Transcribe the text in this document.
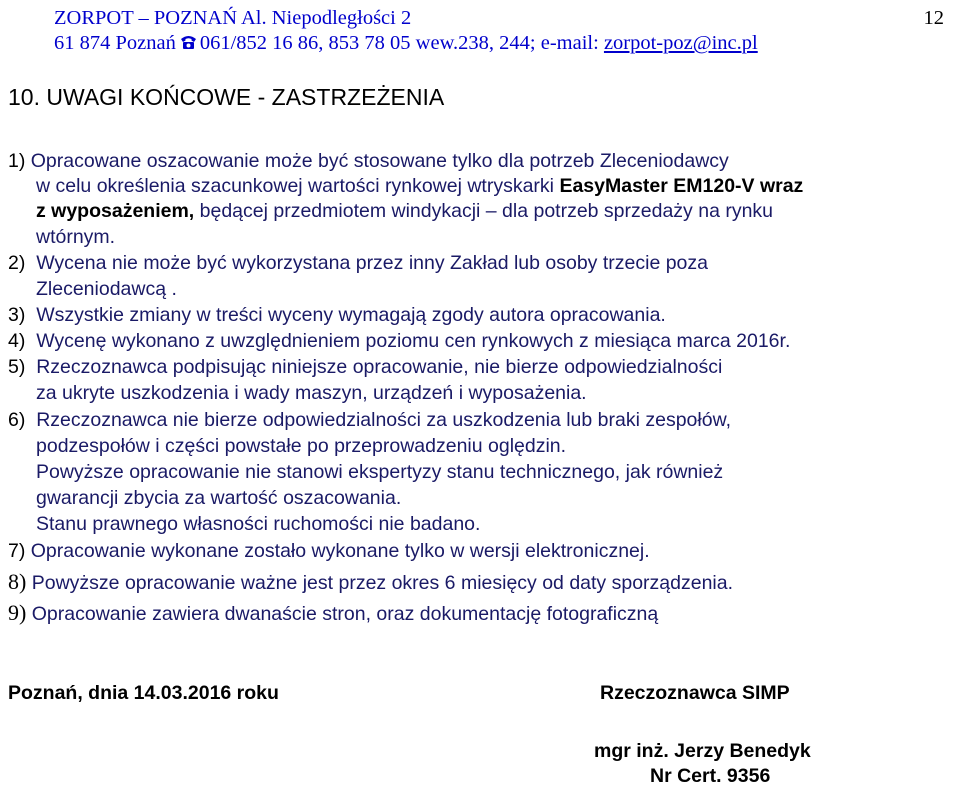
ZORPOT – POZNAŃ Al. Niepodległości 2
61 874 Poznań 061/852 16 86, 853 78 05 wew.238, 244; e-mail: zorpot-poz@inc.pl
12
10. UWAGI KOŃCOWE - ZASTRZEŻENIA
1) Opracowane oszacowanie może być stosowane tylko dla potrzeb Zleceniodawcy
w celu określenia szacunkowej wartości rynkowej wtryskarki EasyMaster EM120-V wraz
z wyposażeniem, będącej przedmiotem windykacji – dla potrzeb sprzedaży na rynku
wtórnym.
2) Wycena nie może być wykorzystana przez inny Zakład lub osoby trzecie poza
Zleceniodawcą .
3) Wszystkie zmiany w treści wyceny wymagają zgody autora opracowania.
4) Wycenę wykonano z uwzględnieniem poziomu cen rynkowych z miesiąca marca 2016r.
5) Rzeczoznawca podpisując niniejsze opracowanie, nie bierze odpowiedzialności
za ukryte uszkodzenia i wady maszyn, urządzeń i wyposażenia.
6) Rzeczoznawca nie bierze odpowiedzialności za uszkodzenia lub braki zespołów,
podzespołów i części powstałe po przeprowadzeniu oględzin.
Powyższe opracowanie nie stanowi ekspertyzy stanu technicznego, jak również
gwarancji zbycia za wartość oszacowania.
Stanu prawnego własności ruchomości nie badano.
7) Opracowanie wykonane zostało wykonane tylko w wersji elektronicznej.
8) Powyższe opracowanie ważne jest przez okres 6 miesięcy od daty sporządzenia.
9) Opracowanie zawiera dwanaście stron, oraz dokumentację fotograficzną
Poznań, dnia 14.03.2016 roku	Rzeczoznawca SIMP
mgr inż. Jerzy Benedyk
Nr Cert. 9356
